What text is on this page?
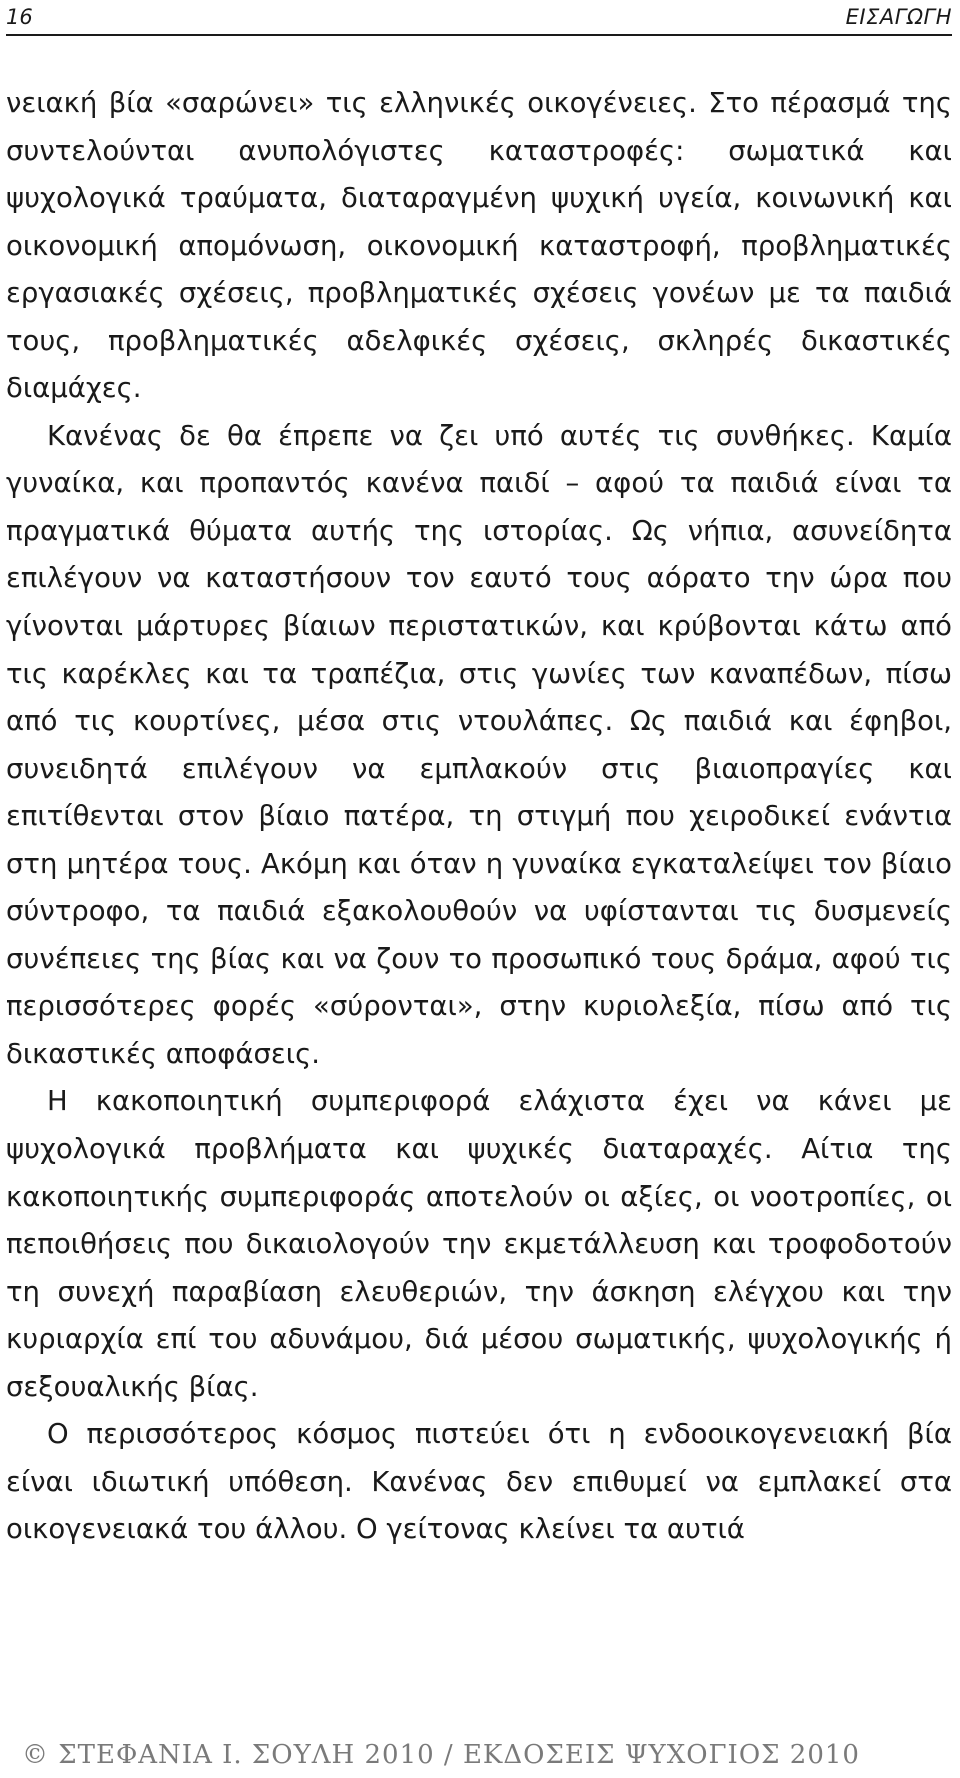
16	ΕΙΣΑΓΩΓΗ

νειακή βία «σαρώνει» τις ελληνικές οικογένειες. Στο πέρασμά της συντελούνται ανυπολόγιστες καταστροφές: σωματικά και ψυχολογικά τραύματα, διαταραγμένη ψυχική υγεία, κοινωνική και οικονομική απομόνωση, οικονομική καταστροφή, προβληματικές εργασιακές σχέσεις, προβληματικές σχέσεις γονέων με τα παιδιά τους, προβληματικές αδελφικές σχέσεις, σκληρές δικαστικές διαμάχες.

Κανένας δε θα έπρεπε να ζει υπό αυτές τις συνθήκες. Καμία γυναίκα, και προπαντός κανένα παιδί – αφού τα παιδιά είναι τα πραγματικά θύματα αυτής της ιστορίας. Ως νήπια, ασυνείδητα επιλέγουν να καταστήσουν τον εαυτό τους αόρατο την ώρα που γίνονται μάρτυρες βίαιων περιστατικών, και κρύβονται κάτω από τις καρέκλες και τα τραπέζια, στις γωνίες των καναπέδων, πίσω από τις κουρτίνες, μέσα στις ντουλάπες. Ως παιδιά και έφηβοι, συνειδητά επιλέγουν να εμπλακούν στις βιαιοπραγίες και επιτίθενται στον βίαιο πατέρα, τη στιγμή που χειροδικεί ενάντια στη μητέρα τους. Ακόμη και όταν η γυναίκα εγκαταλείψει τον βίαιο σύντροφο, τα παιδιά εξακολουθούν να υφίστανται τις δυσμενείς συνέπειες της βίας και να ζουν το προσωπικό τους δράμα, αφού τις περισσότερες φορές «σύρονται», στην κυριολεξία, πίσω από τις δικαστικές αποφάσεις.

Η κακοποιητική συμπεριφορά ελάχιστα έχει να κάνει με ψυχολογικά προβλήματα και ψυχικές διαταραχές. Αίτια της κακοποιητικής συμπεριφοράς αποτελούν οι αξίες, οι νοοτροπίες, οι πεποιθήσεις που δικαιολογούν την εκμετάλλευση και τροφοδοτούν τη συνεχή παραβίαση ελευθεριών, την άσκηση ελέγχου και την κυριαρχία επί του αδυνάμου, διά μέσου σωματικής, ψυχολογικής ή σεξουαλικής βίας.

Ο περισσότερος κόσμος πιστεύει ότι η ενδοοικογενειακή βία είναι ιδιωτική υπόθεση. Κανένας δεν επιθυμεί να εμπλακεί στα οικογενειακά του άλλου. Ο γείτονας κλείνει τα αυτιά

© ΣΤΕΦΑΝΙΑ Ι. ΣΟΥΛΗ 2010 / ΕΚΔΟΣΕΙΣ ΨΥΧΟΓΙΟΣ 2010
